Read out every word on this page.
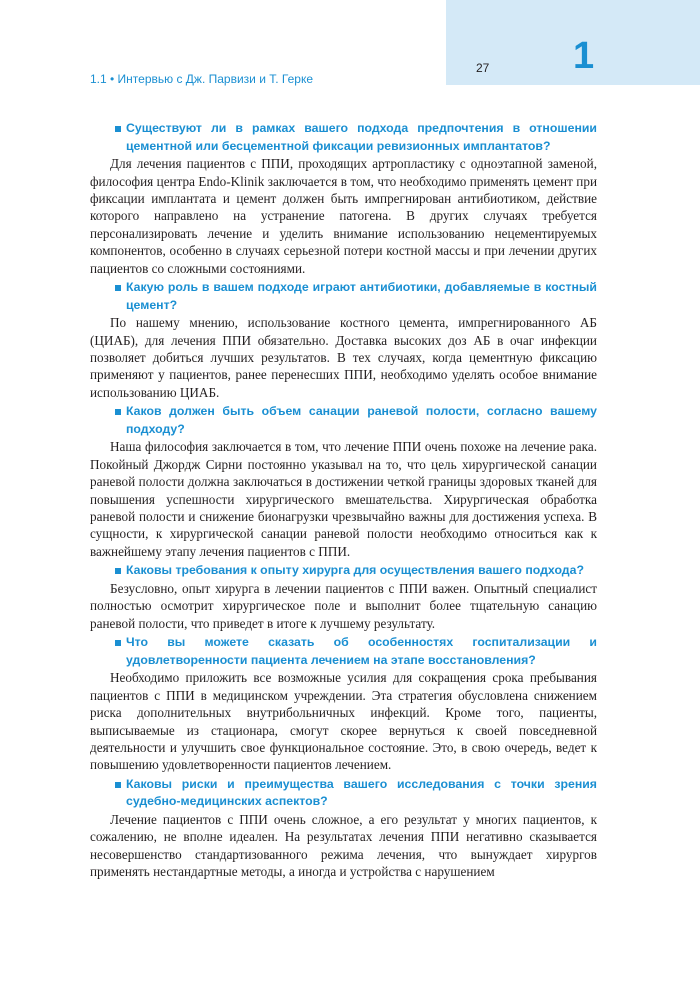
1.1 • Интервью с Дж. Парвизи и Т. Герке
27 1

Существуют ли в рамках вашего подхода предпочтения в отношении цементной или бесцементной фиксации ревизионных имплантатов?

Для лечения пациентов с ППИ, проходящих артропластику с одноэтапной заменой, философия центра Endo-Klinik заключается в том, что необходимо применять цемент при фиксации имплантата и цемент должен быть импрегнирован антибиотиком, действие которого направлено на устранение патогена. В других случаях требуется персонализировать лечение и уделить внимание использованию нецементируемых компонентов, особенно в случаях серьезной потери костной массы и при лечении других пациентов со сложными состояниями.

Какую роль в вашем подходе играют антибиотики, добавляемые в костный цемент?

По нашему мнению, использование костного цемента, импрегнированного АБ (ЦИАБ), для лечения ППИ обязательно. Доставка высоких доз АБ в очаг инфекции позволяет добиться лучших результатов. В тех случаях, когда цементную фиксацию применяют у пациентов, ранее перенесших ППИ, необходимо уделять особое внимание использованию ЦИАБ.

Каков должен быть объем санации раневой полости, согласно вашему подходу?

Наша философия заключается в том, что лечение ППИ очень похоже на лечение рака. Покойный Джордж Сирни постоянно указывал на то, что цель хирургической санации раневой полости должна заключаться в достижении четкой границы здоровых тканей для повышения успешности хирургического вмешательства. Хирургическая обработка раневой полости и снижение бионагрузки чрезвычайно важны для достижения успеха. В сущности, к хирургической санации раневой полости необходимо относиться как к важнейшему этапу лечения пациентов с ППИ.

Каковы требования к опыту хирурга для осуществления вашего подхода?

Безусловно, опыт хирурга в лечении пациентов с ППИ важен. Опытный специалист полностью осмотрит хирургическое поле и выполнит более тщательную санацию раневой полости, что приведет в итоге к лучшему результату.

Что вы можете сказать об особенностях госпитализации и удовлетворенности пациента лечением на этапе восстановления?

Необходимо приложить все возможные усилия для сокращения срока пребывания пациентов с ППИ в медицинском учреждении. Эта стратегия обусловлена снижением риска дополнительных внутрибольничных инфекций. Кроме того, пациенты, выписываемые из стационара, смогут скорее вернуться к своей повседневной деятельности и улучшить свое функциональное состояние. Это, в свою очередь, ведет к повышению удовлетворенности пациентов лечением.

Каковы риски и преимущества вашего исследования с точки зрения судебно-медицинских аспектов?

Лечение пациентов с ППИ очень сложное, а его результат у многих пациентов, к сожалению, не вполне идеален. На результатах лечения ППИ негативно сказывается несовершенство стандартизованного режима лечения, что вынуждает хирургов применять нестандартные методы, а иногда и устройства с нарушением
